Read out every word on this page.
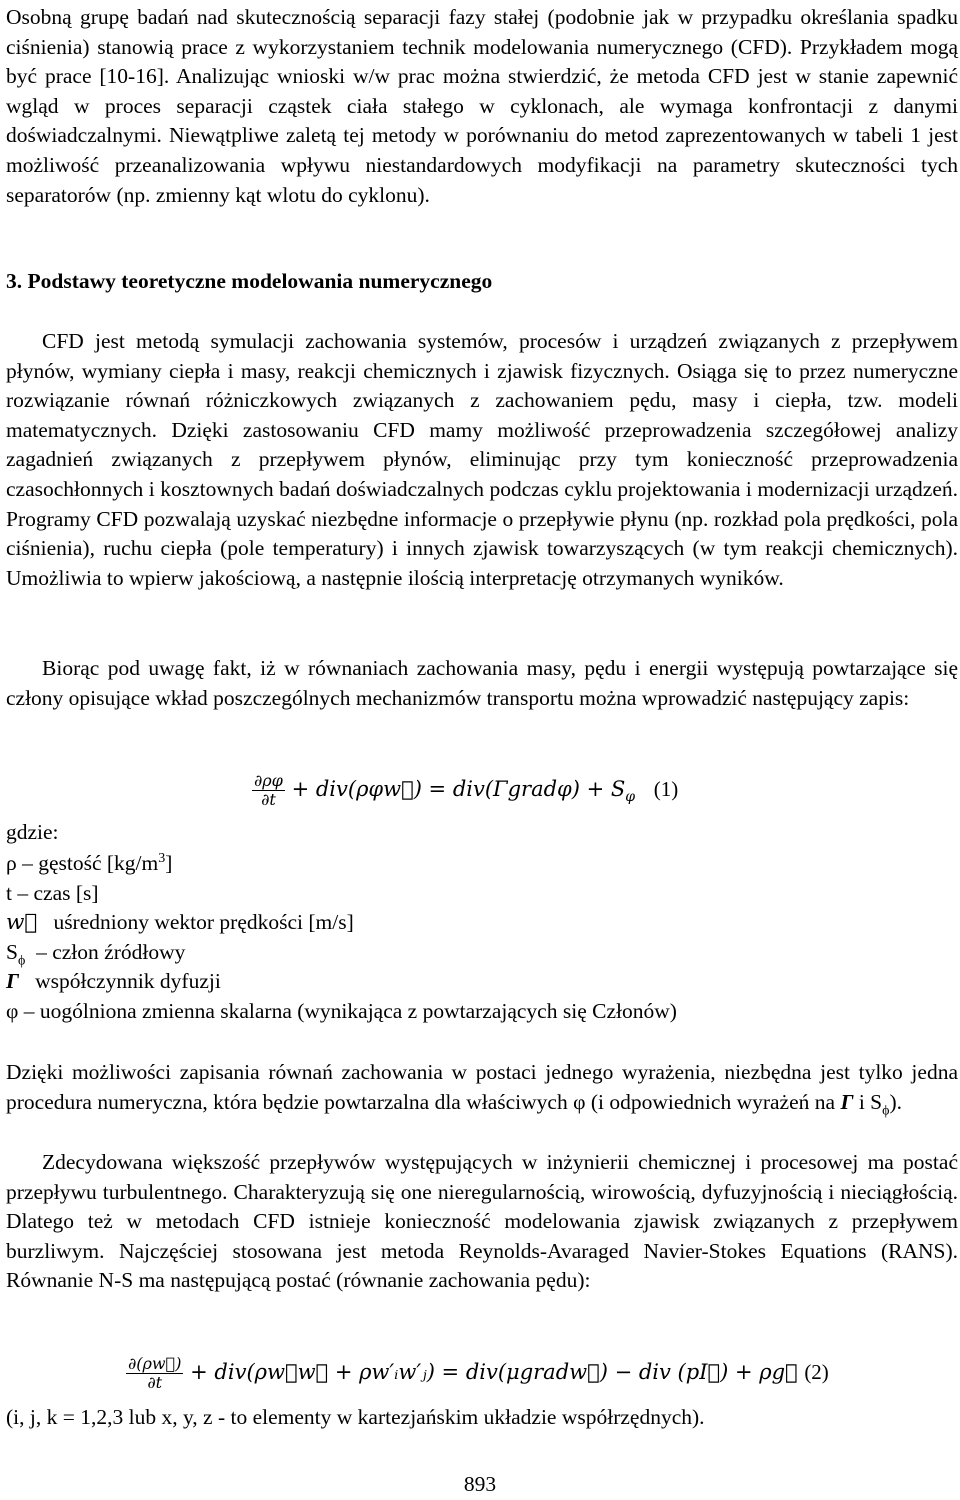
Osobną grupę badań nad skutecznością separacji fazy stałej (podobnie jak w przypadku określania spadku ciśnienia) stanowią prace z wykorzystaniem technik modelowania numerycznego (CFD). Przykładem mogą być prace [10-16]. Analizując wnioski w/w prac można stwierdzić, że metoda CFD jest w stanie zapewnić wgląd w proces separacji cząstek ciała stałego w cyklonach, ale wymaga konfrontacji z danymi doświadczalnymi. Niewątpliwe zaletą tej metody w porównaniu do metod zaprezentowanych w tabeli 1 jest możliwość przeanalizowania wpływu niestandardowych modyfikacji na parametry skuteczności tych separatorów (np. zmienny kąt wlotu do cyklonu).

3. Podstawy teoretyczne modelowania numerycznego

CFD jest metodą symulacji zachowania systemów, procesów i urządzeń związanych z przepływem płynów, wymiany ciepła i masy, reakcji chemicznych i zjawisk fizycznych. Osiąga się to przez numeryczne rozwiązanie równań różniczkowych związanych z zachowaniem pędu, masy i ciepła, tzw. modeli matematycznych. Dzięki zastosowaniu CFD mamy możliwość przeprowadzenia szczegółowej analizy zagadnień związanych z przepływem płynów, eliminując przy tym konieczność przeprowadzenia czasochłonnych i kosztownych badań doświadczalnych podczas cyklu projektowania i modernizacji urządzeń. Programy CFD pozwalają uzyskać niezbędne informacje o przepływie płynu (np. rozkład pola prędkości, pola ciśnienia), ruchu ciepła (pole temperatury) i innych zjawisk towarzyszących (w tym reakcji chemicznych). Umożliwia to wpierw jakościową, a następnie ilością interpretację otrzymanych wyników.

Biorąc pod uwagę fakt, iż w równaniach zachowania masy, pędu i energii występują powtarzające się człony opisujące wkład poszczególnych mechanizmów transportu można wprowadzić następujący zapis:

$\frac{\partial\rho\varphi}{\partial t}$ + div(ρφw⃗) = div(Γgradφ) + $S_\varphi$ (1)

gdzie:

ρ – gęstość $[kg/m^3]$

t – czas [s]

w⃗   uśredniony wektor prędkości [m/s]

$S_\phi$  – człon źródłowy

Γ   współczynnik dyfuzji

φ – uogólniona zmienna skalarna (wynikająca z powtarzających się Członów)

Dzięki możliwości zapisania równań zachowania w postaci jednego wyrażenia, niezbędna jest tylko jedna procedura numeryczna, która będzie powtarzalna dla właściwych φ (i odpowiednich wyrażeń na Γ i $S_\phi$).

Zdecydowana większość przepływów występujących w inżynierii chemicznej i procesowej ma postać przepływu turbulentnego. Charakteryzują się one nieregularnością, wirowością, dyfuzyjnością i nieciągłością. Dlatego też w metodach CFD istnieje konieczność modelowania zjawisk związanych z przepływem burzliwym. Najczęściej stosowana jest metoda Reynolds-Avaraged Navier-Stokes Equations (RANS). Równanie N-S ma następującą postać (równanie zachowania pędu):

$\frac{\partial(\rho w⃗)}{\partial t}$ + div(ρw⃗w⃗ + ρw′ᵢw′ⱼ) = div(μgradw⃗) − div (pI⃗) + ρg⃗ (2)

(i, j, k = 1,2,3 lub x, y, z - to elementy w kartezjańskim układzie współrzędnych).

893
